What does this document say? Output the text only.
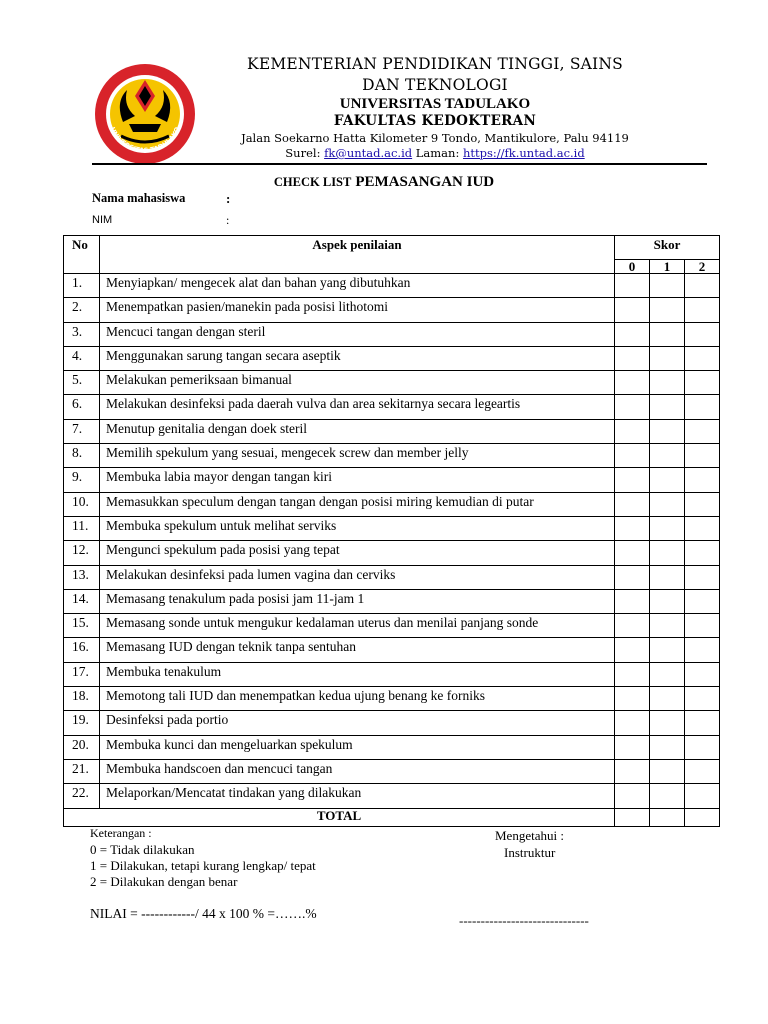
UNIVERSITAS TADULAKO
KEMENTERIAN PENDIDIKAN TINGGI, SAINS
DAN TEKNOLOGI
UNIVERSITAS TADULAKO
FAKULTAS KEDOKTERAN
Jalan Soekarno Hatta Kilometer 9 Tondo, Mantikulore, Palu 94119
Surel: fk@untad.ac.id Laman: https://fk.untad.ac.id
CHECK LIST PEMASANGAN IUD
Nama mahasiswa	:
NIM	:
No	Aspek penilaian	Skor		
		0	1	2
1.	Menyiapkan/ mengecek alat dan bahan yang dibutuhkan			
2.	Menempatkan pasien/manekin pada posisi lithotomi			
3.	Mencuci tangan dengan steril			
4.	Menggunakan sarung tangan secara aseptik			
5.	Melakukan pemeriksaan bimanual			
6.	Melakukan desinfeksi pada daerah vulva dan area sekitarnya secara legeartis			
7.	Menutup genitalia dengan doek steril			
8.	Memilih spekulum yang sesuai, mengecek screw dan member jelly			
9.	Membuka labia mayor dengan tangan kiri			
10.	Memasukkan speculum dengan tangan dengan posisi miring kemudian di putar			
11.	Membuka spekulum untuk melihat serviks			
12.	Mengunci spekulum pada posisi yang tepat			
13.	Melakukan desinfeksi pada lumen vagina dan cerviks			
14.	Memasang tenakulum pada posisi jam 11-jam 1			
15.	Memasang sonde untuk mengukur kedalaman uterus dan menilai panjang sonde			
16.	Memasang IUD dengan teknik tanpa sentuhan			
17.	Membuka tenakulum			
18.	Memotong tali IUD dan menempatkan kedua ujung benang ke forniks			
19.	Desinfeksi pada portio			
20.	Membuka kunci dan mengeluarkan spekulum			
21.	Membuka handscoen dan mencuci tangan			
22.	Melaporkan/Mencatat tindakan yang dilakukan			
TOTAL				
Keterangan :
0 = Tidak dilakukan
1 = Dilakukan, tetapi kurang lengkap/ tepat
2 = Dilakukan dengan benar
NILAI = ------------/ 44 x 100 % =…….%
Mengetahui :
Instruktur
------------------------------
